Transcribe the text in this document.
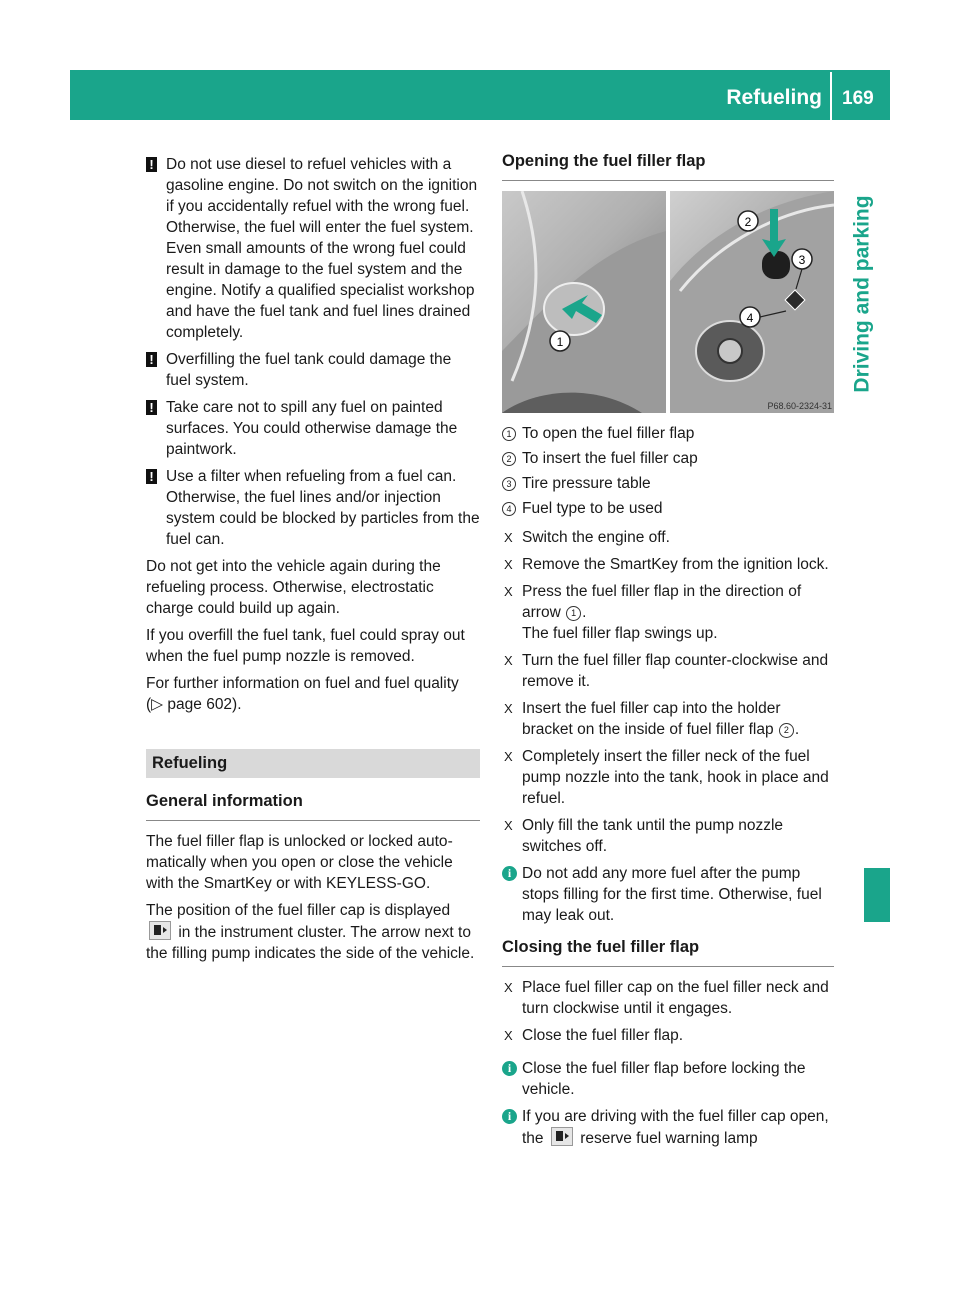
Refueling 169
Driving and parking
! Do not use diesel to refuel vehicles with a gasoline engine. Do not switch on the ignition if you accidentally refuel with the wrong fuel. Otherwise, the fuel will enter the fuel system. Even small amounts of the wrong fuel could result in damage to the fuel system and the engine. Notify a qualified specialist workshop and have the fuel tank and fuel lines drained completely.
! Overfilling the fuel tank could damage the fuel system.
! Take care not to spill any fuel on painted surfaces. You could otherwise damage the paintwork.
! Use a filter when refueling from a fuel can. Otherwise, the fuel lines and/or injection system could be blocked by particles from the fuel can.

Do not get into the vehicle again during the refueling process. Otherwise, electrostatic charge could build up again.

If you overfill the fuel tank, fuel could spray out when the fuel pump nozzle is removed.

For further information on fuel and fuel quality (▷ page 602).

Refueling
General information

The fuel filler flap is unlocked or locked automatically when you open or close the vehicle with the SmartKey or with KEYLESS-GO.

The position of the fuel filler cap is displayed  in the instrument cluster. The arrow next to the filling pump indicates the side of the vehicle.

Opening the fuel filler flap
1
2
3
4
P68.60-2324-31
1 To open the fuel filler flap
2 To insert the fuel filler cap
3 Tire pressure table
4 Fuel type to be used
X Switch the engine off.
X Remove the SmartKey from the ignition lock.
X Press the fuel filler flap in the direction of arrow 1 .
The fuel filler flap swings up.
X Turn the fuel filler flap counter-clockwise and remove it.
X Insert the fuel filler cap into the holder bracket on the inside of fuel filler flap 2 .
X Completely insert the filler neck of the fuel pump nozzle into the tank, hook in place and refuel.
X Only fill the tank until the pump nozzle switches off.
i Do not add any more fuel after the pump stops filling for the first time. Otherwise, fuel may leak out.
Closing the fuel filler flap
X Place fuel filler cap on the fuel filler neck and turn clockwise until it engages.
X Close the fuel filler flap.
i Close the fuel filler flap before locking the vehicle.
i If you are driving with the fuel filler cap open, the reserve fuel warning lamp
